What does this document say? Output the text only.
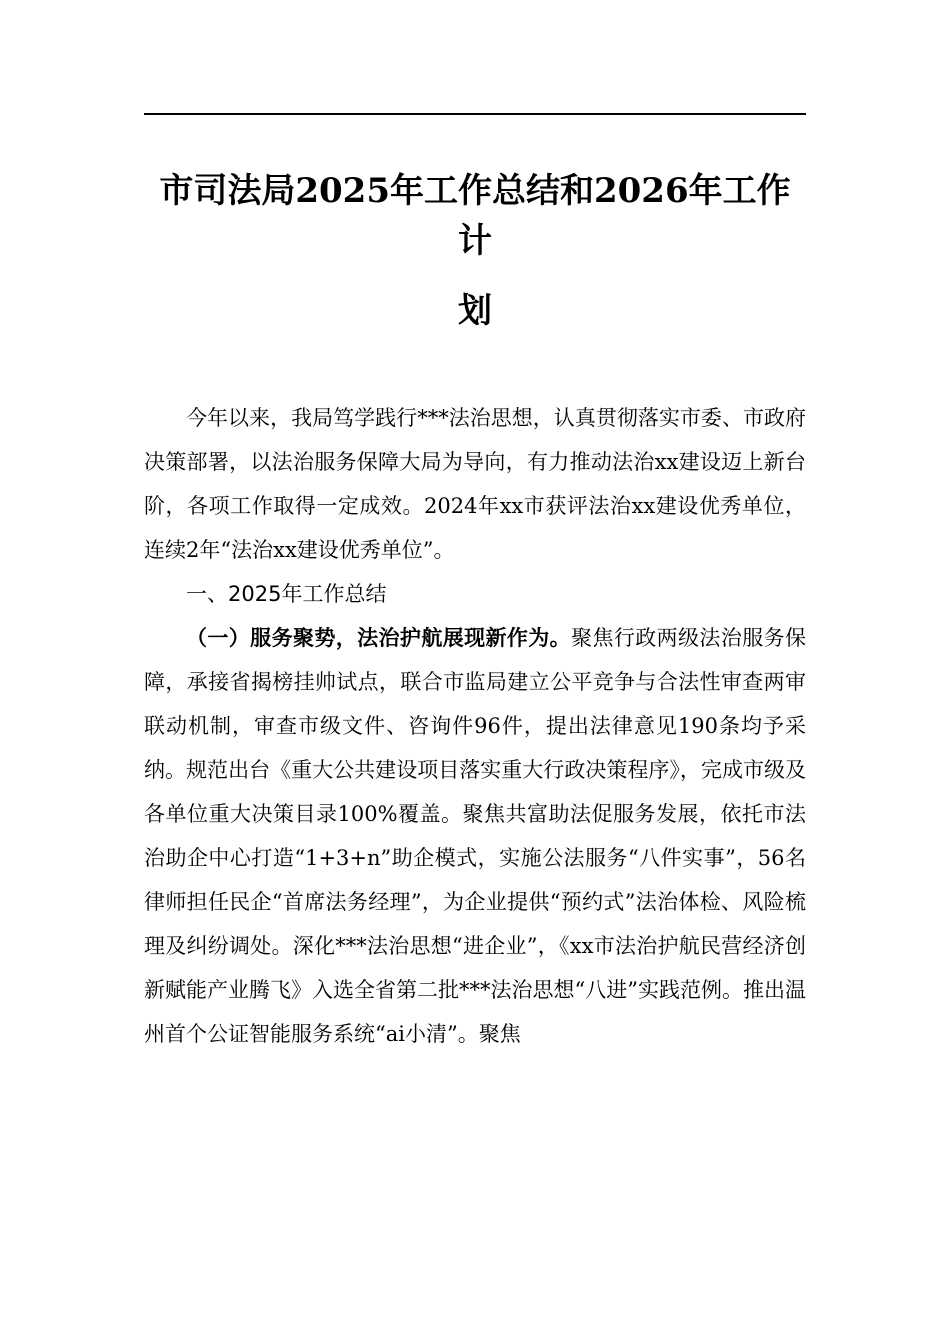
市司法局2025年工作总结和2026年工作计
划

今年以来，我局笃学践行***法治思想，认真贯彻落实市委、市政府决策部署，以法治服务保障大局为导向，有力推动法治xx建设迈上新台阶，各项工作取得一定成效。2024年xx市获评法治xx建设优秀单位，连续2年“法治xx建设优秀单位”。

一、2025年工作总结

（一）服务聚势，法治护航展现新作为。聚焦行政两级法治服务保障，承接省揭榜挂帅试点，联合市监局建立公平竞争与合法性审查两审联动机制，审查市级文件、咨询件96件，提出法律意见190条均予采纳。规范出台《重大公共建设项目落实重大行政决策程序》，完成市级及各单位重大决策目录100%覆盖。聚焦共富助法促服务发展，依托市法治助企中心打造“1+3+n”助企模式，实施公法服务“八件实事”，56名律师担任民企“首席法务经理”，为企业提供“预约式”法治体检、风险梳理及纠纷调处。深化***法治思想“进企业”，《xx市法治护航民营经济创新赋能产业腾飞》入选全省第二批***法治思想“八进”实践范例。推出温州首个公证智能服务系统“ai小清”。聚焦
